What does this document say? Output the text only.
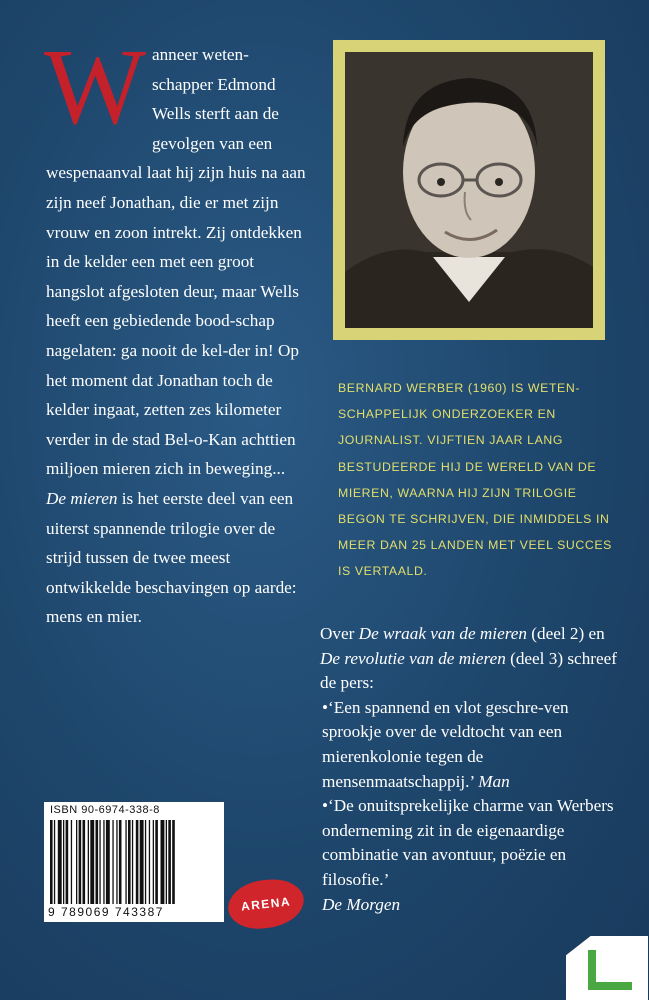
W anneer weten-schapper Edmond Wells sterft aan de gevolgen van een wespenaanval laat hij zijn huis na aan zijn neef Jonathan, die er met zijn vrouw en zoon intrekt. Zij ontdekken in de kelder een met een groot hangslot afgesloten deur, maar Wells heeft een gebiedende bood-schap nagelaten: ga nooit de kel-der in! Op het moment dat Jonathan toch de kelder ingaat, zetten zes kilometer verder in de stad Bel-o-Kan achttien miljoen mieren zich in beweging...

De mieren is het eerste deel van een uiterst spannende trilogie over de strijd tussen de twee meest ontwikkelde beschavingen op aarde: mens en mier.

BERNARD WERBER (1960) IS WETEN-SCHAPPELIJK ONDERZOEKER EN JOURNALIST. VIJFTIEN JAAR LANG BESTUDEERDE HIJ DE WERELD VAN DE MIEREN, WAARNA HIJ ZIJN TRILOGIE BEGON TE SCHRIJVEN, DIE INMIDDELS IN MEER DAN 25 LANDEN MET VEEL SUCCES IS VERTAALD.

Over De wraak van de mieren (deel 2) en De revolutie van de mieren (deel 3) schreef de pers:

•‘Een spannend en vlot geschre-ven sprookje over de veldtocht van een mierenkolonie tegen de mensenmaatschappij.’ Man

•‘De onuitsprekelijke charme van Werbers onderneming zit in de eigenaardige combinatie van avontuur, poëzie en filosofie.’
De Morgen

ISBN 90-6974-338-8
9 789069 743387	ARENA
